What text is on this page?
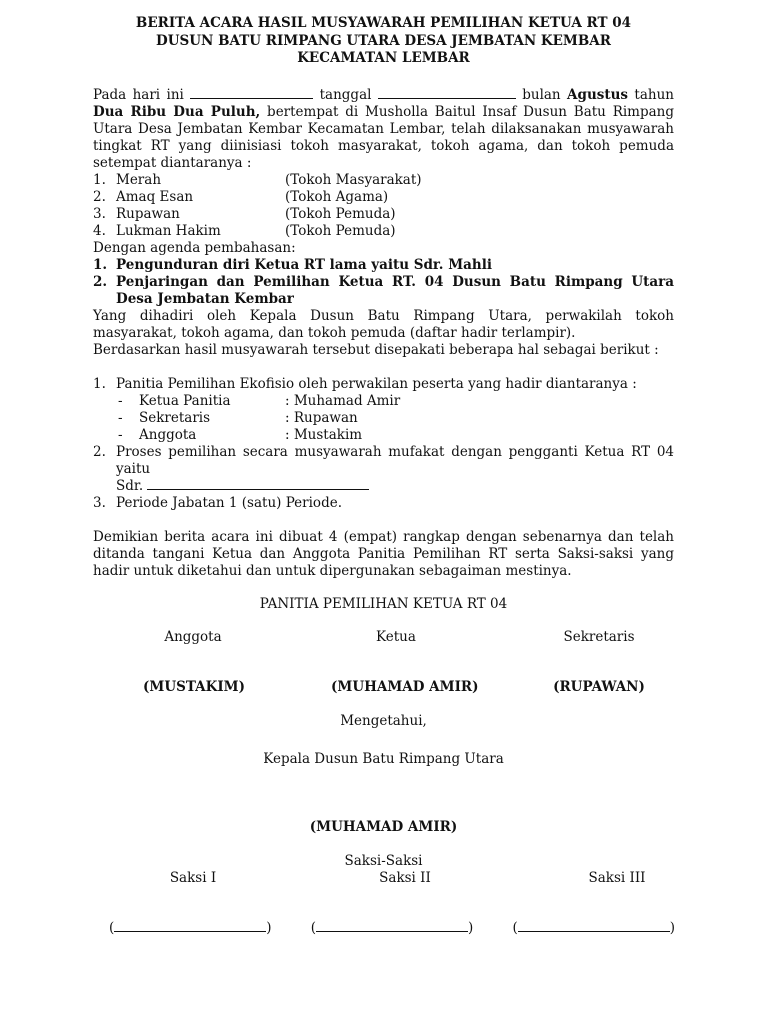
BERITA ACARA HASIL MUSYAWARAH PEMILIHAN KETUA RT 04
DUSUN BATU RIMPANG UTARA DESA JEMBATAN KEMBAR
KECAMATAN LEMBAR
Pada hari ini	tanggal	bulan Agustus tahun Dua Ribu Dua Puluh, bertempat di Musholla Baitul Insaf Dusun Batu Rimpang Utara Desa Jembatan Kembar Kecamatan Lembar, telah dilaksanakan musyawarah tingkat RT yang diinisiasi tokoh masyarakat, tokoh agama, dan tokoh pemuda setempat diantaranya :
1. Merah	(Tokoh Masyarakat)
2. Amaq Esan	(Tokoh Agama)
3. Rupawan	(Tokoh Pemuda)
4. Lukman Hakim	(Tokoh Pemuda)
Dengan agenda pembahasan:
1. Pengunduran diri Ketua RT lama yaitu Sdr. Mahli
2. Penjaringan dan Pemilihan Ketua RT. 04 Dusun Batu Rimpang Utara Desa Jembatan Kembar
Yang dihadiri oleh Kepala Dusun Batu Rimpang Utara, perwakilah tokoh masyarakat, tokoh agama, dan tokoh pemuda (daftar hadir terlampir).
Berdasarkan hasil musyawarah tersebut disepakati beberapa hal sebagai berikut :
1. Panitia Pemilihan Ekofisio oleh perwakilan peserta yang hadir diantaranya :
-	Ketua Panitia	: Muhamad Amir
-	Sekretaris	: Rupawan
-	Anggota	: Mustakim
2. Proses pemilihan secara musyawarah mufakat dengan pengganti Ketua RT 04 yaitu
Sdr.
3. Periode Jabatan 1 (satu) Periode.
Demikian berita acara ini dibuat 4 (empat) rangkap dengan sebenarnya dan telah ditanda tangani Ketua dan Anggota Panitia Pemilihan RT serta Saksi-saksi yang hadir untuk diketahui dan untuk dipergunakan sebagaiman mestinya.
PANITIA PEMILIHAN KETUA RT 04
Anggota	Ketua	Sekretaris
(MUSTAKIM)	(MUHAMAD AMIR)	(RUPAWAN)
Mengetahui,
Kepala Dusun Batu Rimpang Utara
(MUHAMAD AMIR)
Saksi-Saksi
Saksi I	Saksi II	Saksi III
(	)	(	)	(	)
